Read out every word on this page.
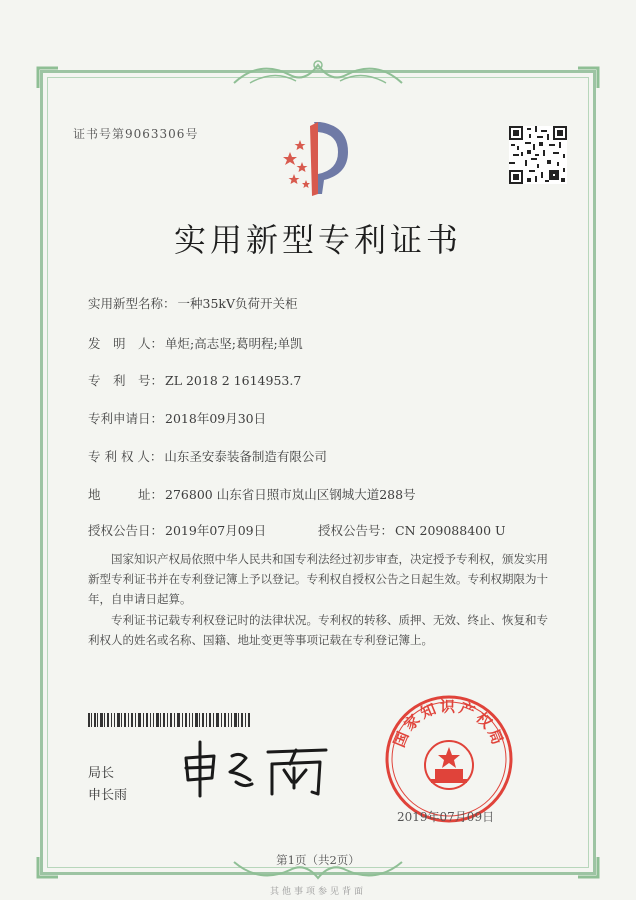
证书号第9063306号
实用新型专利证书
实用新型名称： 一种35kV负荷开关柜
发　明　人： 单炬;高志坚;葛明程;单凯
专　利　号： ZL 2018 2 1614953.7
专利申请日： 2018年09月30日
专 利 权 人： 山东圣安泰装备制造有限公司
地　　　址： 276800 山东省日照市岚山区钢城大道288号
授权公告日： 2019年07月09日	授权公告号： CN 209088400 U
国家知识产权局依照中华人民共和国专利法经过初步审查，决定授予专利权，颁发实用新型专利证书并在专利登记簿上予以登记。专利权自授权公告之日起生效。专利权期限为十年，自申请日起算。
专利证书记载专利权登记时的法律状况。专利权的转移、质押、无效、终止、恢复和专利权人的姓名或名称、国籍、地址变更等事项记载在专利登记簿上。
局长
申长雨
国家知识产权局
2019年07月09日
第1页（共2页）
其他事项参见背面
